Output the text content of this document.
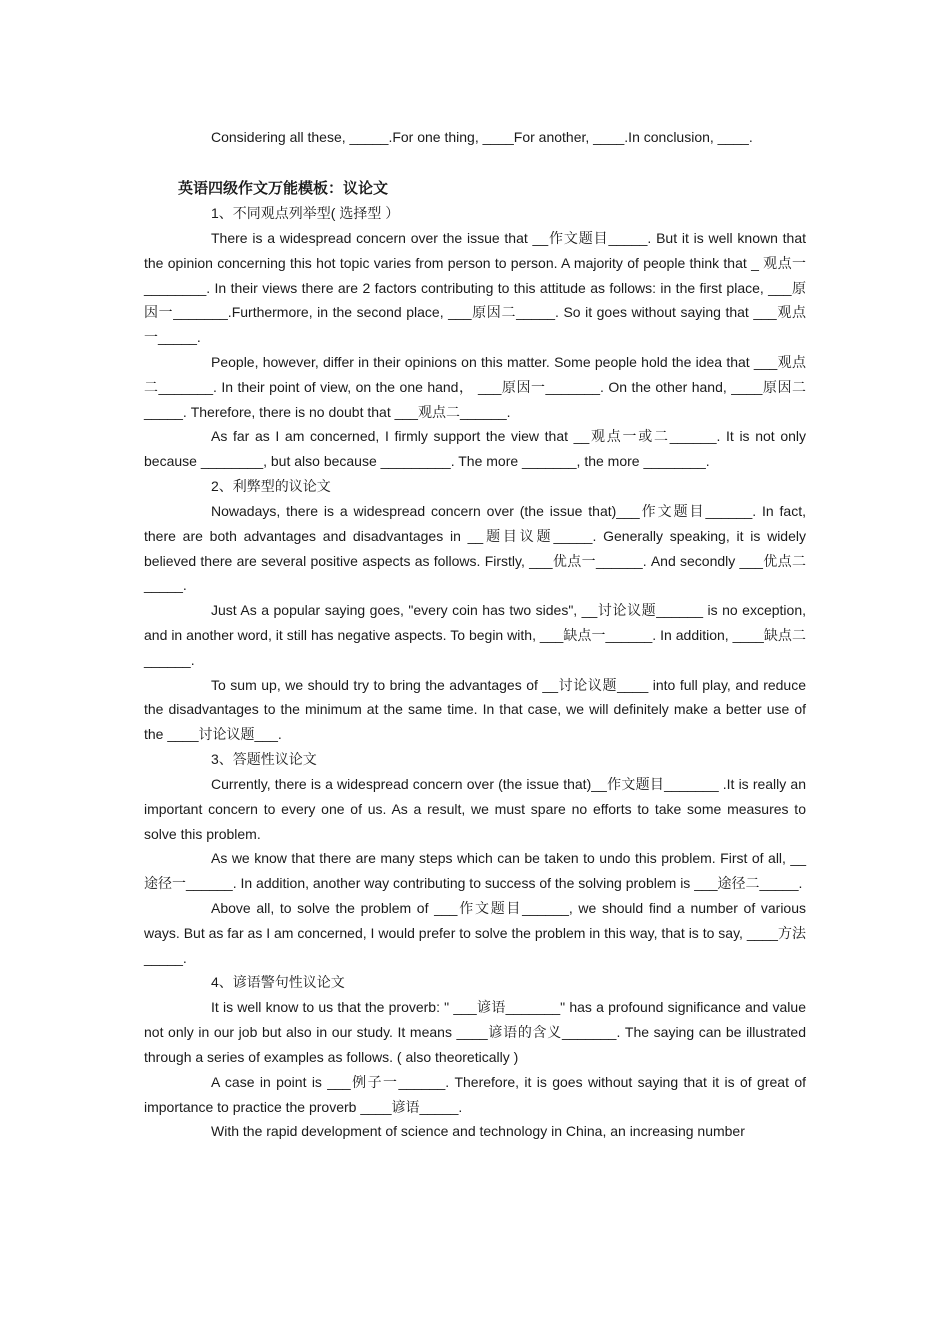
Considering all these, _____.For one thing, ____For another, ____.In conclusion, ____.
英语四级作文万能模板：议论文
1、不同观点列举型( 选择型 ）

There is a widespread concern over the issue that __作文题目_____. But it is well known that the opinion concerning this hot topic varies from person to person. A majority of people think that _ 观点一________. In their views there are 2 factors contributing to this attitude as follows: in the first place, ___原因一_______.Furthermore, in the second place, ___原因二_____. So it goes without saying that ___观点一_____.

People, however, differ in their opinions on this matter. Some people hold the idea that ___观点二_______. In their point of view, on the one hand， ___原因一_______. On the other hand, ____原因二_____. Therefore, there is no doubt that ___观点二______.

As far as I am concerned, I firmly support the view that __观点一或二______. It is not only because ________, but also because _________. The more _______, the more ________.

2、利弊型的议论文

Nowadays, there is a widespread concern over (the issue that)___作文题目______. In fact, there are both advantages and disadvantages in __题目议题_____. Generally speaking, it is widely believed there are several positive aspects as follows. Firstly, ___优点一______. And secondly ___优点二_____.

Just As a popular saying goes, "every coin has two sides", __讨论议题______ is no exception, and in another word, it still has negative aspects. To begin with, ___缺点一______. In addition, ____缺点二______.

To sum up, we should try to bring the advantages of __讨论议题____ into full play, and reduce the disadvantages to the minimum at the same time. In that case, we will definitely make a better use of the ____讨论议题___.

3、答题性议论文

Currently, there is a widespread concern over (the issue that)__作文题目_______ .It is really an important concern to every one of us. As a result, we must spare no efforts to take some measures to solve this problem.

As we know that there are many steps which can be taken to undo this problem. First of all, __途径一______. In addition, another way contributing to success of the solving problem is ___途径二_____.

Above all, to solve the problem of ___作文题目______, we should find a number of various ways. But as far as I am concerned, I would prefer to solve the problem in this way, that is to say, ____方法_____.

4、谚语警句性议论文

It is well know to us that the proverb: " ___谚语_______" has a profound significance and value not only in our job but also in our study. It means ____谚语的含义_______. The saying can be illustrated through a series of examples as follows. ( also theoretically )

A case in point is ___例子一______. Therefore, it is goes without saying that it is of great of importance to practice the proverb ____谚语_____.

With the rapid development of science and technology in China, an increasing number
